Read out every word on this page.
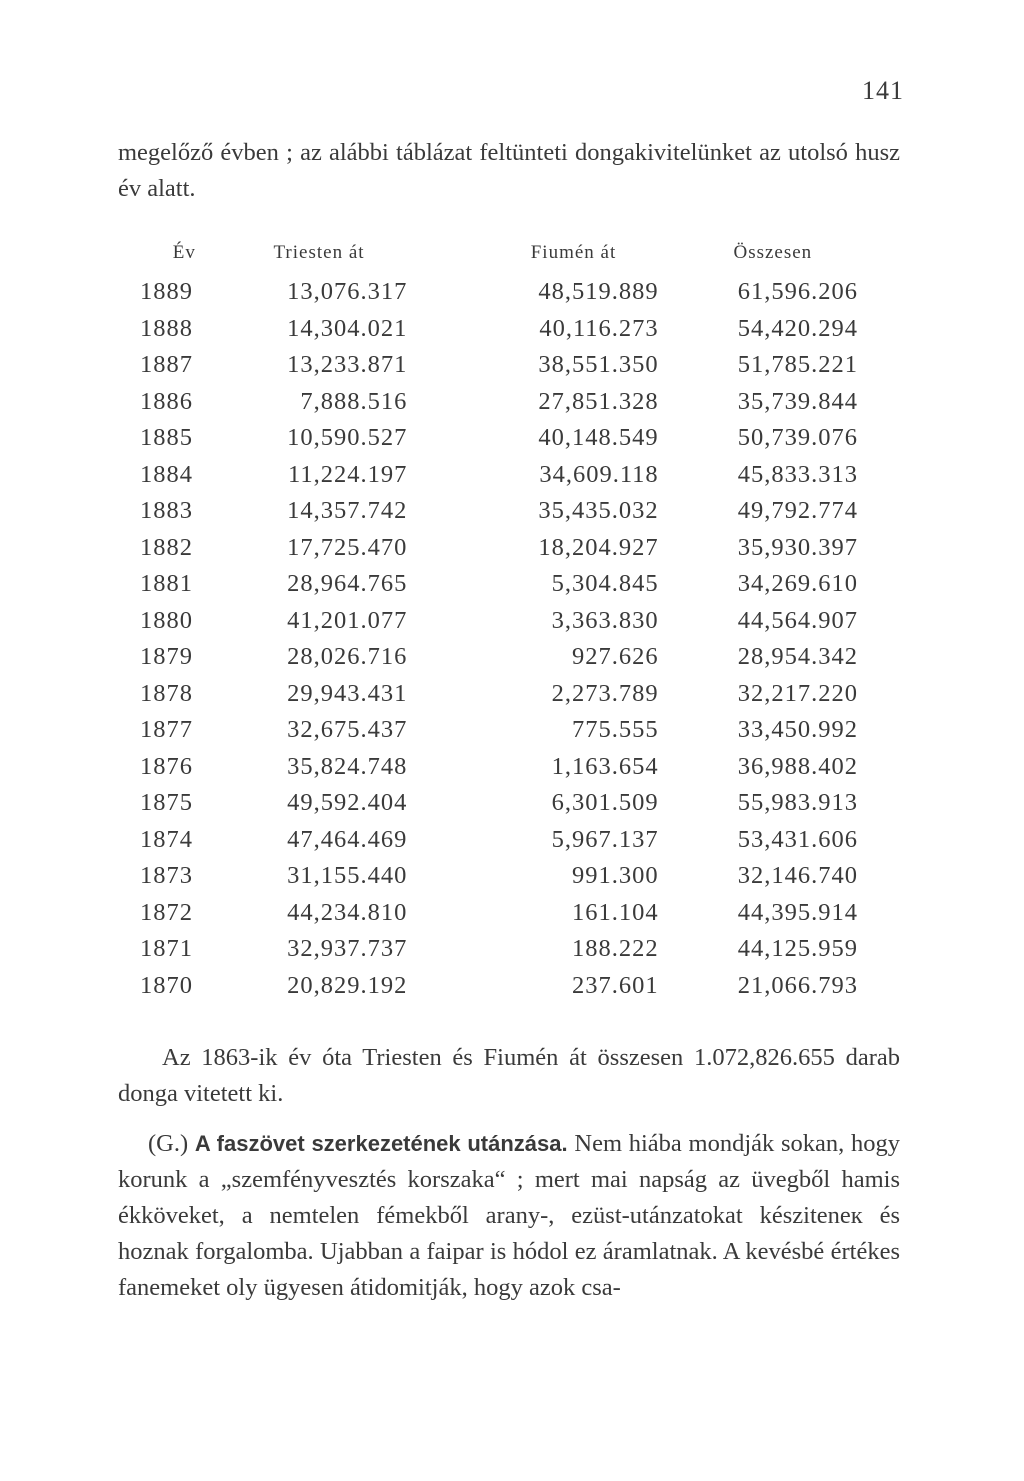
141

megelőző évben ; az alábbi táblázat feltünteti dongakivitelünket az utolsó husz év alatt.

Év	Triesten át	Fiumén át	Összesen
1889	13,076.317	48,519.889	61,596.206
1888	14,304.021	40,116.273	54,420.294
1887	13,233.871	38,551.350	51,785.221
1886	7,888.516	27,851.328	35,739.844
1885	10,590.527	40,148.549	50,739.076
1884	11,224.197	34,609.118	45,833.313
1883	14,357.742	35,435.032	49,792.774
1882	17,725.470	18,204.927	35,930.397
1881	28,964.765	5,304.845	34,269.610
1880	41,201.077	3,363.830	44,564.907
1879	28,026.716	927.626	28,954.342
1878	29,943.431	2,273.789	32,217.220
1877	32,675.437	775.555	33,450.992
1876	35,824.748	1,163.654	36,988.402
1875	49,592.404	6,301.509	55,983.913
1874	47,464.469	5,967.137	53,431.606
1873	31,155.440	991.300	32,146.740
1872	44,234.810	161.104	44,395.914
1871	32,937.737	188.222	44,125.959
1870	20,829.192	237.601	21,066.793

Az 1863-ik év óta Triesten és Fiumén át összesen 1.072,826.655 darab donga vitetett ki.

(G.) A faszövet szerkezetének utánzása. Nem hiába mondják sokan, hogy korunk a „szemfényvesztés korszaka“ ; mert mai napság az üvegből hamis ékköveket, a nemtelen fémekből arany-, ezüst-utánzatokat késziteneк és hoznak forgalomba. Ujabban a faipar is hódol ez áramlatnak. A kevésbé értékes fanemeket oly ügyesen átidomitják, hogy azok csa-
